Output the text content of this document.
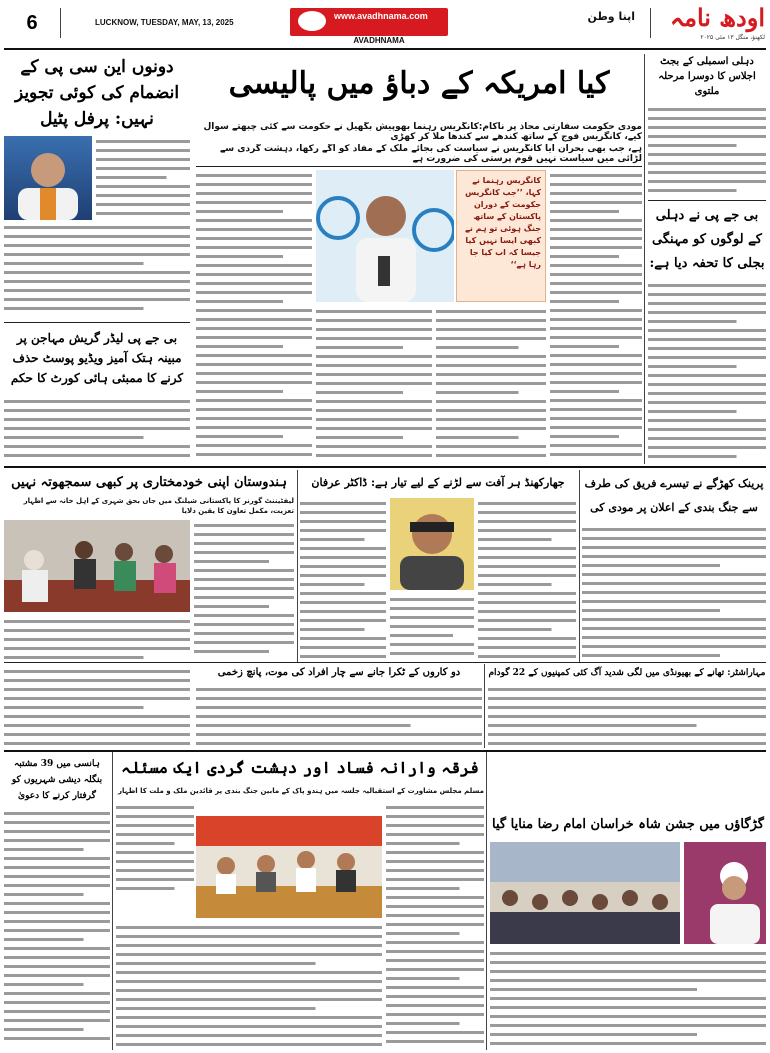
6	LUCKNOW, TUESDAY, MAY, 13, 2025
www.avadhnama.com
AVADHNAMA
اپنا وطن	اودھ نامہ
لکھنؤ، منگل ۱۳ مئی ۲۰۲۵
دونوں این سی پی کے انضمام کی کوئی تجویز نہیں: پرفل پٹیل
بی جے پی لیڈر گریش مہاجن پر مبینہ ہتک آمیز ویڈیو پوسٹ حذف کرنے کا ممبئی ہائی کورٹ کا حکم
کیا امریکہ کے دباؤ میں پالیسی
مودی حکومت سفارتی محاذ پر ناکام:کانگریس رہنما بھوپیش بگھیل نے حکومت سے کئی چبھتے سوال کیے، کانگریس فوج کے ساتھ کندھے سے کندھا ملا کر کھڑی
ہے، جب بھی بحران آیا کانگریس نے سیاست کی بجائے ملک کے مفاد کو آگے رکھا، دہشت گردی سے لڑائی میں سیاست نہیں قوم پرستی کی ضرورت ہے
کانگریس رہنما نے کہا، ’’جب کانگریس حکومت کے دوران پاکستان کے ساتھ جنگ ہوئی تو ہم نے کبھی ایسا نہیں کیا جیسا کہ اب کیا جا رہا ہے‘‘
دہلی اسمبلی کے بجٹ اجلاس کا دوسرا مرحلہ ملتوی
بی جے پی نے دہلی کے لوگوں کو مہنگی بجلی کا تحفہ دیا ہے:
ہندوستان اپنی خودمختاری پر کبھی سمجھوتہ نہیں
لیفٹیننٹ گورنر کا پاکستانی شیلنگ میں جاں بحق شہری کے اہل خانہ سے اظہار تعزیت، مکمل تعاون کا یقین دلایا
جھارکھنڈ ہر آفت سے لڑنے کے لیے تیار ہے: ڈاکٹر عرفان	پرینک کھڑگے نے تیسرے فریق کی طرف سے جنگ بندی کے اعلان پر مودی کی
دو کاروں کے ٹکرا جانے سے چار افراد کی موت، پانچ زخمی	مہاراشٹر: تھانے کے بھیونڈی میں لگی شدید آگ کئی کمپنیوں کے 22 گودام
ہانسی میں 39 مشتبہ بنگلہ دیشی شہریوں کو گرفتار کرنے کا دعویٰ
فرقہ وارانہ فساد اور دہشت گردی ایک مسئلہ
مسلم مجلس مشاورت کے استقبالیہ جلسہ میں ہندو پاک کے مابین جنگ بندی پر قائدین ملک و ملت کا اظہار
گڑگاؤں میں جشن شاہ خراسان امام رضا منایا گیا
